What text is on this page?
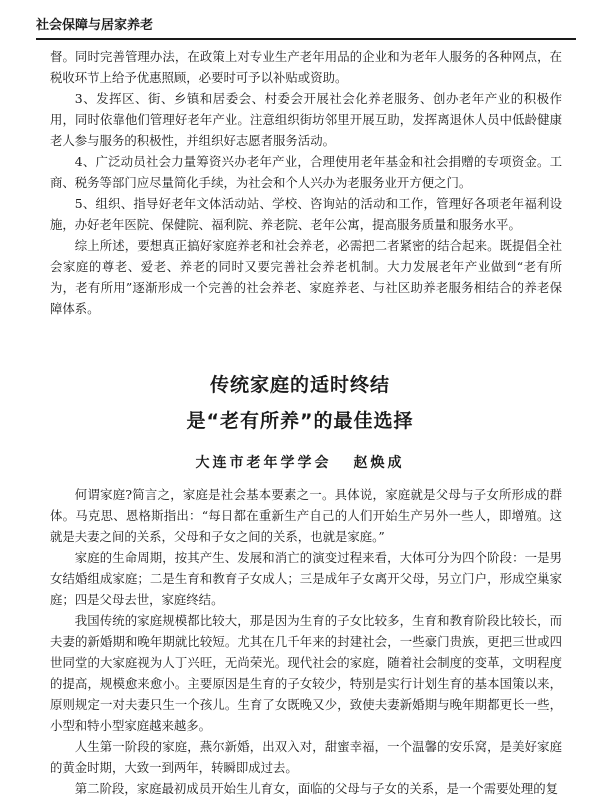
社会保障与居家养老

督。同时完善管理办法，在政策上对专业生产老年用品的企业和为老年人服务的各种网点，在税收环节上给予优惠照顾，必要时可予以补贴或资助。

3、发挥区、街、乡镇和居委会、村委会开展社会化养老服务、创办老年产业的积极作用，同时依靠他们管理好老年产业。注意组织街坊邻里开展互助，发挥离退休人员中低龄健康老人参与服务的积极性，并组织好志愿者服务活动。

4、广泛动员社会力量筹资兴办老年产业，合理使用老年基金和社会捐赠的专项资金。工商、税务等部门应尽量简化手续，为社会和个人兴办为老服务业开方便之门。

5、组织、指导好老年文体活动站、学校、咨询站的活动和工作，管理好各项老年福利设施，办好老年医院、保健院、福利院、养老院、老年公寓，提高服务质量和服务水平。

综上所述，要想真正搞好家庭养老和社会养老，必需把二者紧密的结合起来。既提倡全社会家庭的尊老、爱老、养老的同时又要完善社会养老机制。大力发展老年产业做到“老有所为，老有所用”逐渐形成一个完善的社会养老、家庭养老、与社区助养老服务相结合的养老保障体系。

传统家庭的适时终结
是“老有所养”的最佳选择
大连市老年学学会 赵焕成

何谓家庭?简言之，家庭是社会基本要素之一。具体说，家庭就是父母与子女所形成的群体。马克思、恩格斯指出：“每日都在重新生产自己的人们开始生产另外一些人，即增殖。这就是夫妻之间的关系，父母和子女之间的关系，也就是家庭。”

家庭的生命周期，按其产生、发展和消亡的演变过程来看，大体可分为四个阶段：一是男女结婚组成家庭；二是生育和教育子女成人；三是成年子女离开父母，另立门户，形成空巢家庭；四是父母去世，家庭终结。

我国传统的家庭规模都比较大，那是因为生育的子女比较多，生育和教育阶段比较长，而夫妻的新婚期和晚年期就比较短。尤其在几千年来的封建社会，一些豪门贵族，更把三世或四世同堂的大家庭视为人丁兴旺，无尚荣光。现代社会的家庭，随着社会制度的变革，文明程度的提高，规模愈来愈小。主要原因是生育的子女较少，特别是实行计划生育的基本国策以来，原则规定一对夫妻只生一个孩儿。生育了女既晚又少，致使夫妻新婚期与晚年期都更长一些，小型和特小型家庭越来越多。

人生第一阶段的家庭，燕尔新婚，出双入对，甜蜜幸福，一个温馨的安乐窝，是美好家庭的黄金时期，大致一到两年，转瞬即成过去。

第二阶段，家庭最初成员开始生儿育女，面临的父母与子女的关系，是一个需要处理的复
